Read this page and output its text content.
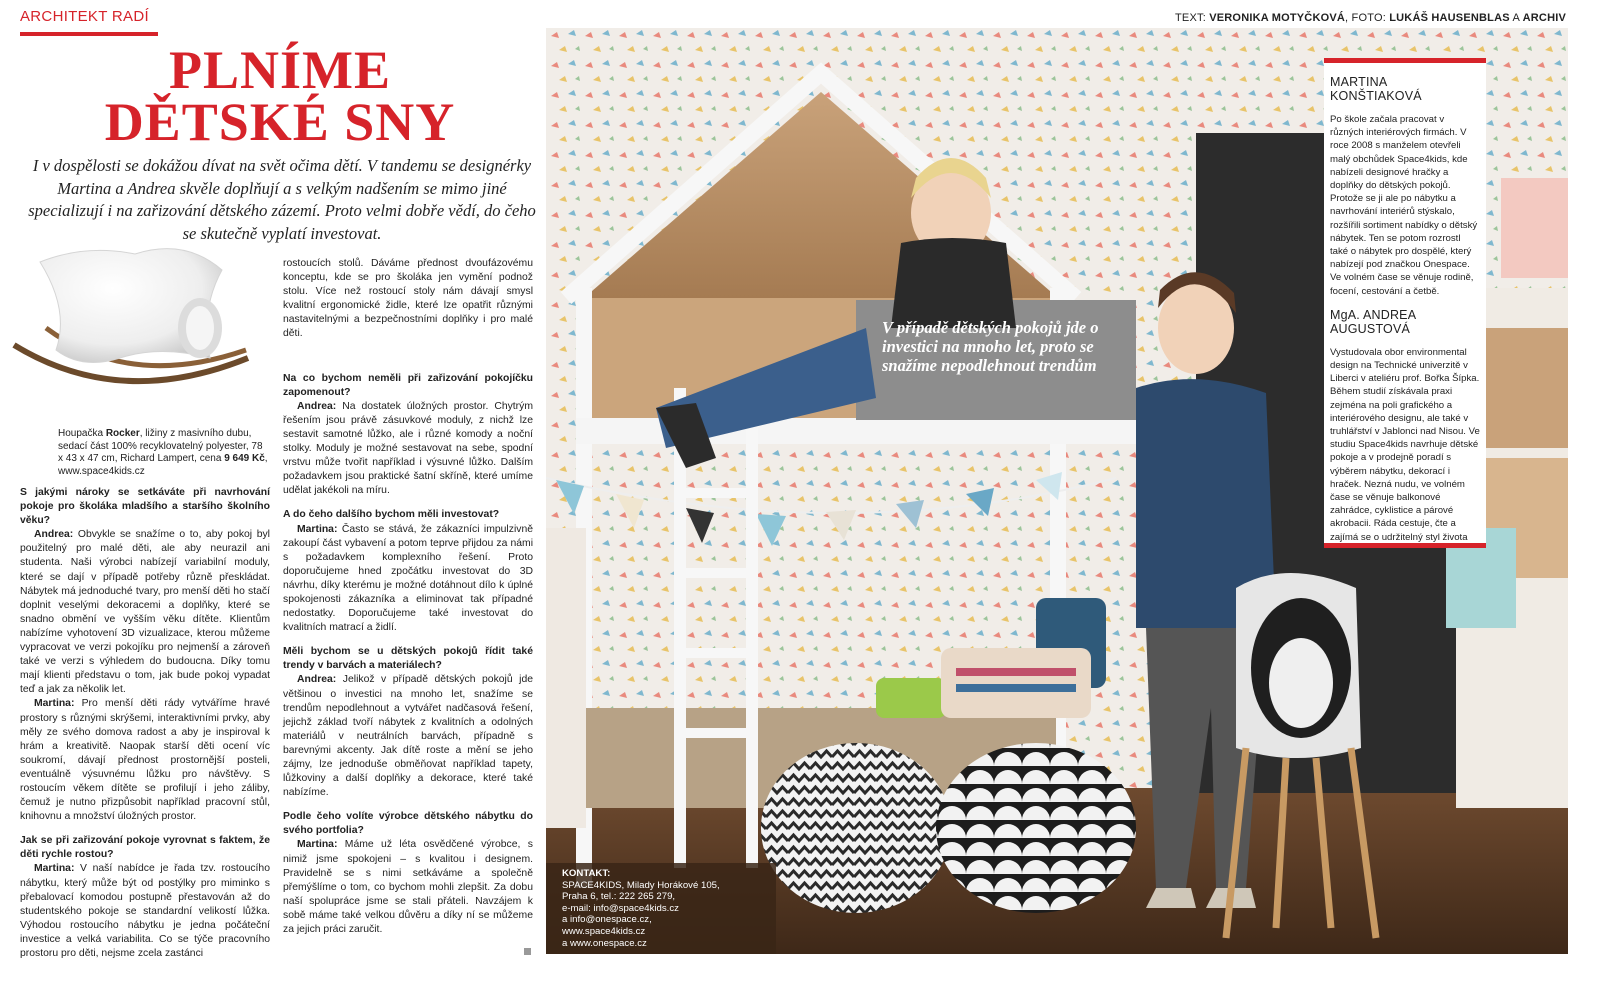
ARCHITEKT RADÍ	TEXT: VERONIKA MOTYČKOVÁ, FOTO: LUKÁŠ HAUSENBLAS A ARCHIV
PLNÍME
DĚTSKÉ SNY
I v dospělosti se dokážou dívat na svět očima dětí. V tandemu se designérky Martina a Andrea skvěle doplňují a s velkým nadšením se mimo jiné specializují i na zařizování dětského zázemí. Proto velmi dobře vědí, do čeho se skutečně vyplatí investovat.
Houpačka Rocker, ližiny z masivního dubu, sedací část 100% recyklovatelný polyester, 78 x 43 x 47 cm, Richard Lampert, cena 9 649 Kč, www.space4kids.cz

S jakými nároky se setkáváte při navrhování pokoje pro školáka mladšího a staršího školního věku?

Andrea: Obvykle se snažíme o to, aby pokoj byl použitelný pro malé děti, ale aby neurazil ani studenta. Naši výrobci nabízejí variabilní moduly, které se dají v případě potřeby různě přeskládat. Nábytek má jednoduché tvary, pro menší děti ho stačí doplnit veselými dekoracemi a doplňky, které se snadno obmění ve vyšším věku dítěte. Klientům nabízíme vyhotovení 3D vizualizace, kterou můžeme vypracovat ve verzi pokojíku pro nejmenší a zároveň také ve verzi s výhledem do budoucna. Díky tomu mají klienti představu o tom, jak bude pokoj vypadat teď a jak za několik let.

Martina: Pro menší děti rády vytváříme hravé prostory s různými skrýšemi, interaktivními prvky, aby měly ze svého domova radost a aby je inspiroval k hrám a kreativitě. Naopak starší děti ocení víc soukromí, dávají přednost prostornější posteli, eventuálně výsuvnému lůžku pro návštěvy. S rostoucím věkem dítěte se profilují i jeho záliby, čemuž je nutno přizpůsobit například pracovní stůl, knihovnu a množství úložných prostor.

Jak se při zařizování pokoje vyrovnat s faktem, že děti rychle rostou?

Martina: V naší nabídce je řada tzv. rostoucího nábytku, který může být od postýlky pro miminko s přebalovací komodou postupně přestavován až do studentského pokoje se standardní velikostí lůžka. Výhodou rostoucího nábytku je jedna počáteční investice a velká variabilita. Co se týče pracovního prostoru pro děti, nejsme zcela zastánci

rostoucích stolů. Dáváme přednost dvoufázovému konceptu, kde se pro školáka jen vymění podnož stolu. Více než rostoucí stoly nám dávají smysl kvalitní ergonomické židle, které lze opatřit různými nastavitelnými a bezpečnostními doplňky i pro malé děti.

Na co bychom neměli při zařizování pokojíčku zapomenout?

Andrea: Na dostatek úložných prostor. Chytrým řešením jsou právě zásuvkové moduly, z nichž lze sestavit samotné lůžko, ale i různé komody a noční stolky. Moduly je možné sestavovat na sebe, spodní vrstvu může tvořit například i výsuvné lůžko. Dalším požadavkem jsou praktické šatní skříně, které umíme udělat jakékoli na míru.

A do čeho dalšího bychom měli investovat?

Martina: Často se stává, že zákazníci impulzivně zakoupí část vybavení a potom teprve přijdou za námi s požadavkem komplexního řešení. Proto doporučujeme hned zpočátku investovat do 3D návrhu, díky kterému je možné dotáhnout dílo k úplné spokojenosti zákazníka a eliminovat tak případné nedostatky. Doporučujeme také investovat do kvalitních matrací a židlí.

Měli bychom se u dětských pokojů řídit také trendy v barvách a materiálech?

Andrea: Jelikož v případě dětských pokojů jde většinou o investici na mnoho let, snažíme se trendům nepodlehnout a vytvářet nadčasová řešení, jejichž základ tvoří nábytek z kvalitních a odolných materiálů v neutrálních barvách, případně s barevnými akcenty. Jak dítě roste a mění se jeho zájmy, lze jednoduše obměňovat například tapety, lůžkoviny a další doplňky a dekorace, které také nabízíme.

Podle čeho volíte výrobce dětského nábytku do svého portfolia?

Martina: Máme už léta osvědčené výrobce, s nimiž jsme spokojeni – s kvalitou i designem. Pravidelně se s nimi setkáváme a společně přemýšlíme o tom, co bychom mohli zlepšit. Za dobu naší spolupráce jsme se stali přáteli. Navzájem k sobě máme také velkou důvěru a díky ní se můžeme za jejich práci zaručit.

V případě dětských pokojů jde o investici na mnoho let, proto se snažíme nepodlehnout trendům
KONTAKT:
SPACE4KIDS, Milady Horákové 105,
Praha 6, tel.: 222 265 279,
e-mail: info@space4kids.cz
a info@onespace.cz,
www.space4kids.cz
a www.onespace.cz
MARTINA
KONŠTIAKOVÁ
Po škole začala pracovat v různých interiérových firmách. V roce 2008 s manželem otevřeli malý obchůdek Space4kids, kde nabízeli designové hračky a doplňky do dětských pokojů. Protože se ji ale po nábytku a navrhování interiérů stýskalo, rozšířili sortiment nabídky o dětský nábytek. Ten se potom rozrostl také o nábytek pro dospělé, který nabízejí pod značkou Onespace. Ve volném čase se věnuje rodině, focení, cestování a četbě.
MgA. ANDREA
AUGUSTOVÁ
Vystudovala obor environmental design na Technické univerzitě v Liberci v ateliéru prof. Bořka Šípka. Během studií získávala praxi zejména na poli grafického a interiérového designu, ale také v truhlářství v Jablonci nad Nisou. Ve studiu Space4kids navrhuje dětské pokoje a v prodejně poradí s výběrem nábytku, dekorací i hraček. Nezná nudu, ve volném čase se věnuje balkonové zahrádce, cyklistice a párové akrobacii. Ráda cestuje, čte a zajímá se o udržitelný styl života
